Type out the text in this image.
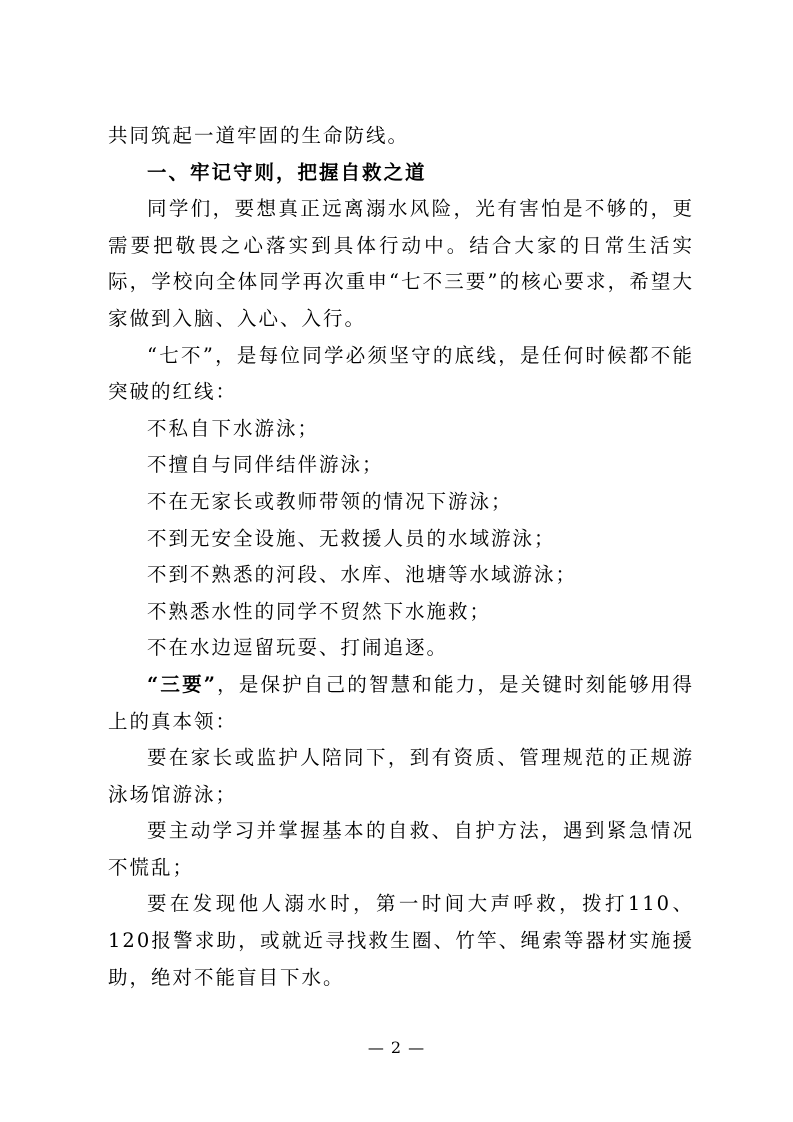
共同筑起一道牢固的生命防线。

一、牢记守则，把握自救之道

同学们，要想真正远离溺水风险，光有害怕是不够的，更需要把敬畏之心落实到具体行动中。结合大家的日常生活实际，学校向全体同学再次重申“七不三要”的核心要求，希望大家做到入脑、入心、入行。

“七不”，是每位同学必须坚守的底线，是任何时候都不能突破的红线：

不私自下水游泳；

不擅自与同伴结伴游泳；

不在无家长或教师带领的情况下游泳；

不到无安全设施、无救援人员的水域游泳；

不到不熟悉的河段、水库、池塘等水域游泳；

不熟悉水性的同学不贸然下水施救；

不在水边逗留玩耍、打闹追逐。

“三要”，是保护自己的智慧和能力，是关键时刻能够用得上的真本领：

要在家长或监护人陪同下，到有资质、管理规范的正规游泳场馆游泳；

要主动学习并掌握基本的自救、自护方法，遇到紧急情况不慌乱；

要在发现他人溺水时，第一时间大声呼救，拨打110、120报警求助，或就近寻找救生圈、竹竿、绳索等器材实施援助，绝对不能盲目下水。

— 2 —
